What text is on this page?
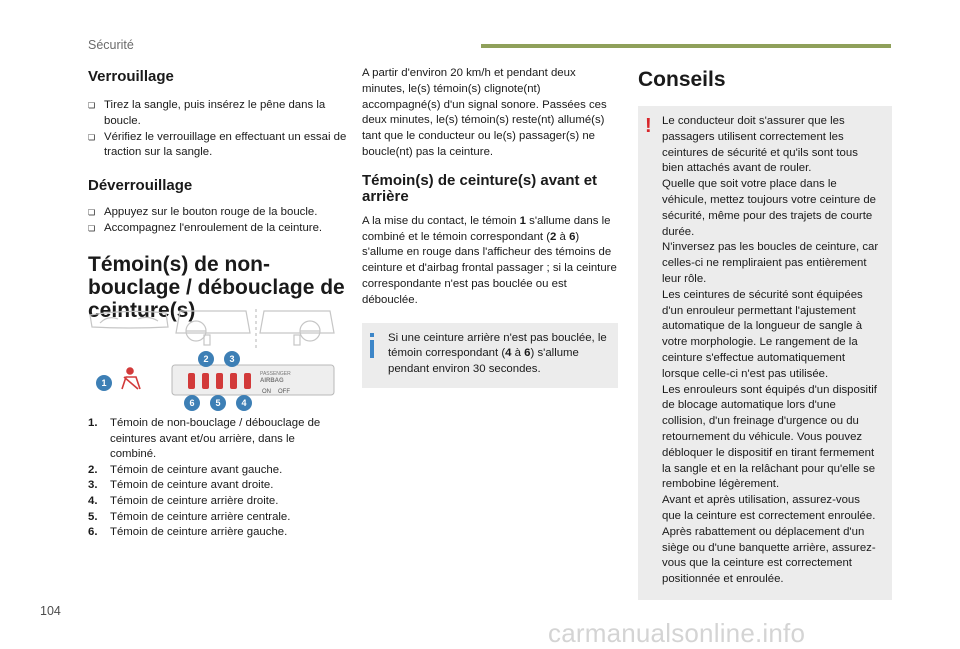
Sécurité
Verrouillage
❏ Tirez la sangle, puis insérez le pêne dans la boucle.
❏ Vérifiez le verrouillage en effectuant un essai de traction sur la sangle.
Déverrouillage
❏ Appuyez sur le bouton rouge de la boucle.
❏ Accompagnez l'enroulement de la ceinture.
Témoin(s) de non-
bouclage / débouclage de
ceinture(s)
PASSENGER
AIRBAG
ON OFF
1
2 3
4
5
6
1.	Témoin de non-bouclage / débouclage de ceintures avant et/ou arrière, dans le combiné.
2.	Témoin de ceinture avant gauche.
3.	Témoin de ceinture avant droite.
4.	Témoin de ceinture arrière droite.
5.	Témoin de ceinture arrière centrale.
6.	Témoin de ceinture arrière gauche.

A partir d'environ 20 km/h et pendant deux minutes, le(s) témoin(s) clignote(nt) accompagné(s) d'un signal sonore. Passées ces deux minutes, le(s) témoin(s) reste(nt) allumé(s) tant que le conducteur ou le(s) passager(s) ne boucle(nt) pas la ceinture.

Témoin(s) de ceinture(s) avant et
arrière

A la mise du contact, le témoin 1 s'allume dans le combiné et le témoin correspondant (2 à 6) s'allume en rouge dans l'afficheur des témoins de ceinture et d'airbag frontal passager ; si la ceinture correspondante n'est pas bouclée ou est débouclée.

Si une ceinture arrière n'est pas bouclée, le témoin correspondant (4 à 6) s'allume pendant environ 30 secondes.

Conseils
! Le conducteur doit s'assurer que les passagers utilisent correctement les ceintures de sécurité et qu'ils sont tous bien attachés avant de rouler.

Quelle que soit votre place dans le véhicule, mettez toujours votre ceinture de sécurité, même pour des trajets de courte durée.

N'inversez pas les boucles de ceinture, car celles-ci ne rempliraient pas entièrement leur rôle.

Les ceintures de sécurité sont équipées d'un enrouleur permettant l'ajustement automatique de la longueur de sangle à votre morphologie. Le rangement de la ceinture s'effectue automatiquement lorsque celle-ci n'est pas utilisée.

Les enrouleurs sont équipés d'un dispositif de blocage automatique lors d'une collision, d'un freinage d'urgence ou du retournement du véhicule. Vous pouvez débloquer le dispositif en tirant fermement la sangle et en la relâchant pour qu'elle se rembobine légèrement.

Avant et après utilisation, assurez-vous que la ceinture est correctement enroulée.

Après rabattement ou déplacement d'un siège ou d'une banquette arrière, assurez-vous que la ceinture est correctement positionnée et enroulée.

104
carmanualsonline.info
